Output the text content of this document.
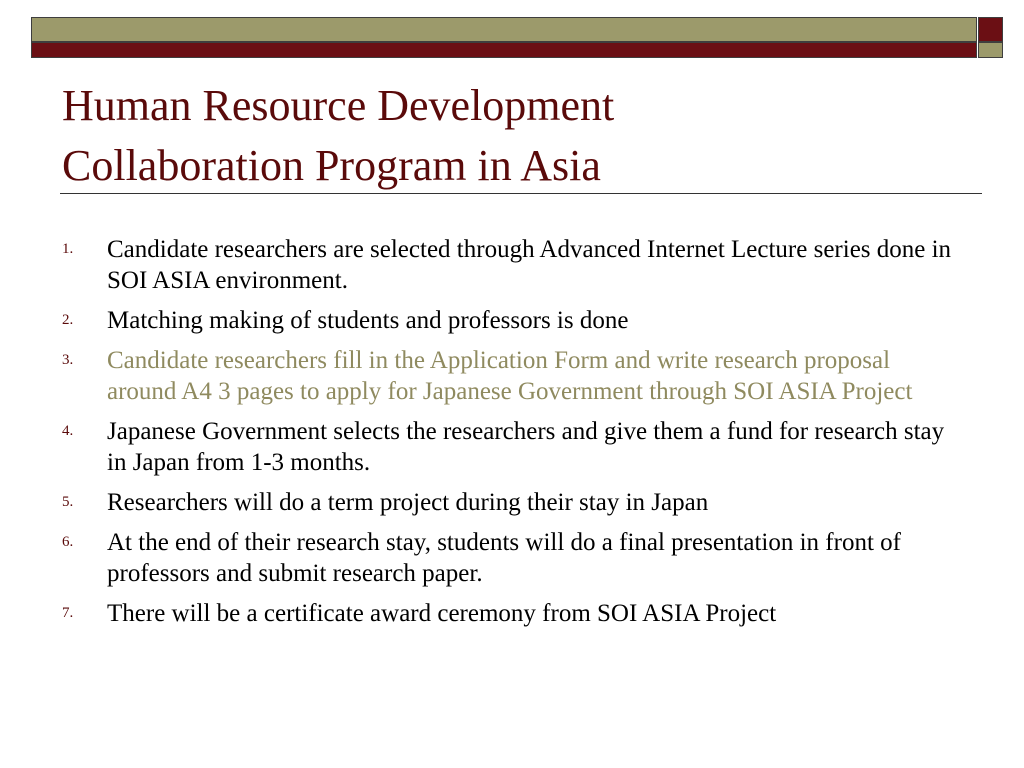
Human Resource Development
Collaboration Program in Asia
1. Candidate researchers are selected through Advanced Internet Lecture series done in SOI ASIA environment.
2. Matching making of students and professors is done
3. Candidate researchers fill in the Application Form and write research proposal around A4 3 pages to apply for Japanese Government through SOI ASIA Project
4. Japanese Government selects the researchers and give them a fund for research stay in Japan from 1-3 months.
5. Researchers will do a term project during their stay in Japan
6. At the end of their research stay, students will do a final presentation in front of professors and submit research paper.
7. There will be a certificate award ceremony from SOI ASIA Project
